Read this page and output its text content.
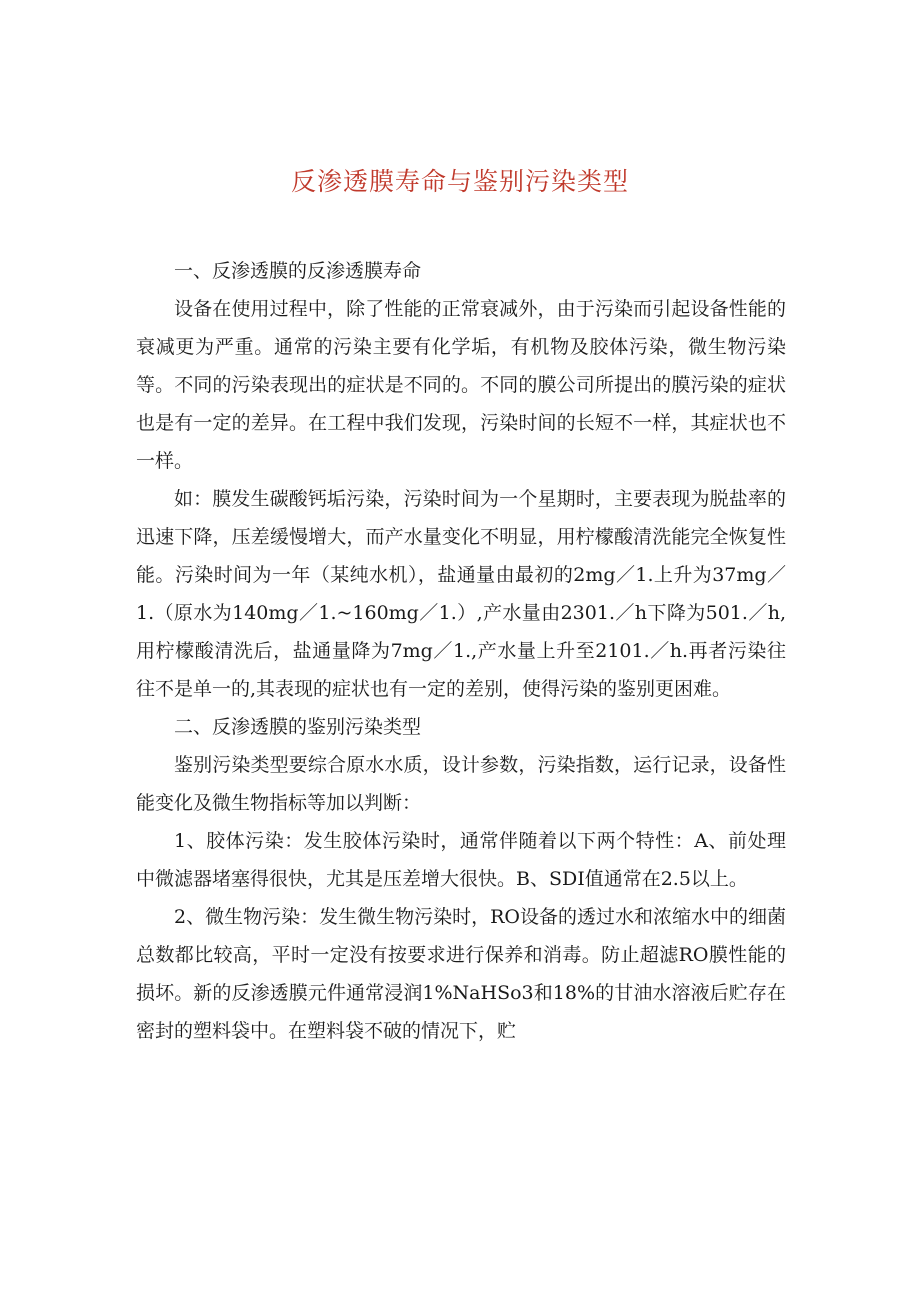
反渗透膜寿命与鉴别污染类型
一、反渗透膜的反渗透膜寿命

设备在使用过程中，除了性能的正常衰减外，由于污染而引起设备性能的衰减更为严重。通常的污染主要有化学垢，有机物及胶体污染，微生物污染等。不同的污染表现出的症状是不同的。不同的膜公司所提出的膜污染的症状也是有一定的差异。在工程中我们发现，污染时间的长短不一样，其症状也不一样。

如：膜发生碳酸钙垢污染，污染时间为一个星期时，主要表现为脱盐率的迅速下降，压差缓慢增大，而产水量变化不明显，用柠檬酸清洗能完全恢复性能。污染时间为一年（某纯水机），盐通量由最初的2mg／1.上升为37mg／1.（原水为140mg／1.~160mg／1.）,产水量由2301.／h下降为501.／h,用柠檬酸清洗后，盐通量降为7mg／1.,产水量上升至2101.／h.再者污染往往不是单一的,其表现的症状也有一定的差别，使得污染的鉴别更困难。

二、反渗透膜的鉴别污染类型

鉴别污染类型要综合原水水质，设计参数，污染指数，运行记录，设备性能变化及微生物指标等加以判断：

1、胶体污染：发生胶体污染时，通常伴随着以下两个特性：A、前处理中微滤器堵塞得很快，尤其是压差增大很快。B、SDI值通常在2.5以上。

2、微生物污染：发生微生物污染时，RO设备的透过水和浓缩水中的细菌总数都比较高，平时一定没有按要求进行保养和消毒。防止超滤RO膜性能的损坏。新的反渗透膜元件通常浸润1%NaHSo3和18%的甘油水溶液后贮存在密封的塑料袋中。在塑料袋不破的情况下，贮
